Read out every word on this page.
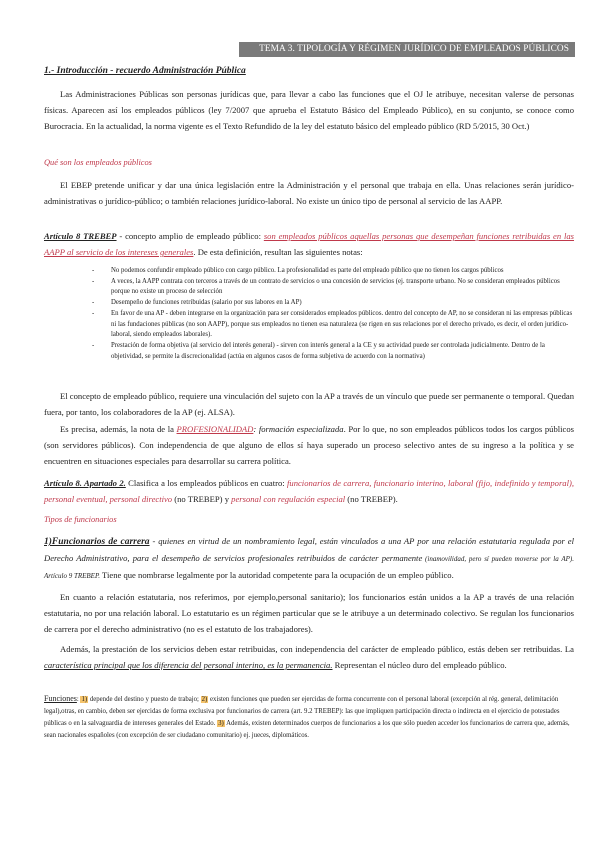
TEMA 3. TIPOLOGÍA Y RÉGIMEN JURÍDICO DE EMPLEADOS PÚBLICOS
1.- Introducción - recuerdo Administración Pública
Las Administraciones Públicas son personas jurídicas que, para llevar a cabo las funciones que el OJ le atribuye, necesitan valerse de personas físicas. Aparecen así los empleados públicos (ley 7/2007 que aprueba el Estatuto Básico del Empleado Público), en su conjunto, se conoce como Burocracia. En la actualidad, la norma vigente es el Texto Refundido de la ley del estatuto básico del empleado público (RD 5/2015, 30 Oct.)
Qué son los empleados públicos
El EBEP pretende unificar y dar una única legislación entre la Administración y el personal que trabaja en ella. Unas relaciones serán jurídico-administrativas o jurídico-público; o también relaciones jurídico-laboral. No existe un único tipo de personal al servicio de las AAPP.
Artículo 8 TREBEP - concepto amplio de empleado público: son empleados públicos aquellas personas que desempeñan funciones retribuidas en las AAPP al servicio de los intereses generales. De esta definición, resultan las siguientes notas:
- No podemos confundir empleado público con cargo público. La profesionalidad es parte del empleado público que no tienen los cargos públicos
- A veces, la AAPP contrata con terceros a través de un contrato de servicios o una concesión de servicios (ej. transporte urbano. No se consideran empleados públicos porque no existe un proceso de selección
- Desempeño de funciones retribuidas (salario por sus labores en la AP)
- En favor de una AP - deben integrarse en la organización para ser considerados empleados públicos. dentro del concepto de AP, no se consideran ni las empresas públicas ni las fundaciones públicas (no son AAPP), porque sus empleados no tienen esa naturaleza (se rigen en sus relaciones por el derecho privado, es decir, el orden jurídico-laboral, siendo empleados laborales).
- Prestación de forma objetiva (al servicio del interés general) - sirven con interés general a la CE y su actividad puede ser controlada judicialmente. Dentro de la objetividad, se permite la discrecionalidad (actúa en algunos casos de forma subjetiva de acuerdo con la normativa)
El concepto de empleado público, requiere una vinculación del sujeto con la AP a través de un vínculo que puede ser permanente o temporal. Quedan fuera, por tanto, los colaboradores de la AP (ej. ALSA).
Es precisa, además, la nota de la PROFESIONALIDAD: formación especializada. Por lo que, no son empleados públicos todos los cargos públicos (son servidores públicos). Con independencia de que alguno de ellos sí haya superado un proceso selectivo antes de su ingreso a la política y se encuentren en situaciones especiales para desarrollar su carrera política.
Artículo 8. Apartado 2. Clasifica a los empleados públicos en cuatro: funcionarios de carrera, funcionario interino, laboral (fijo, indefinido y temporal), personal eventual, personal directivo (no TREBEP) y personal con regulación especial (no TREBEP).
Tipos de funcionarios
1)Funcionarios de carrera - quienes en virtud de un nombramiento legal, están vinculados a una AP por una relación estatutaria regulada por el Derecho Administrativo, para el desempeño de servicios profesionales retribuidos de carácter permanente (inamovilidad, pero sí pueden moverse por la AP). Artículo 9 TREBEP. Tiene que nombrarse legalmente por la autoridad competente para la ocupación de un empleo público.
En cuanto a relación estatutaria, nos referimos, por ejemplo,personal sanitario); los funcionarios están unidos a la AP a través de una relación estatutaria, no por una relación laboral. Lo estatutario es un régimen particular que se le atribuye a un determinado colectivo. Se regulan los funcionarios de carrera por el derecho administrativo (no es el estatuto de los trabajadores).
Además, la prestación de los servicios deben estar retribuidas, con independencia del carácter de empleado público, estás deben ser retribuidas. La característica principal que los diferencia del personal interino, es la permanencia. Representan el núcleo duro del empleado público.
Funciones: 1) depende del destino y puesto de trabajo; 2) existen funciones que pueden ser ejercidas de forma concurrente con el personal laboral (excepción al rég. general, delimitación legal),otras, en cambio, deben ser ejercidas de forma exclusiva por funcionarios de carrera (art. 9.2 TREBEP): las que impliquen participación directa o indirecta en el ejercicio de potestades públicas o en la salvaguardia de intereses generales del Estado. 3) Además, existen determinados cuerpos de funcionarios a los que sólo pueden acceder los funcionarios de carrera que, además, sean nacionales españoles (con excepción de ser ciudadano comunitario) ej. jueces, diplomáticos.
